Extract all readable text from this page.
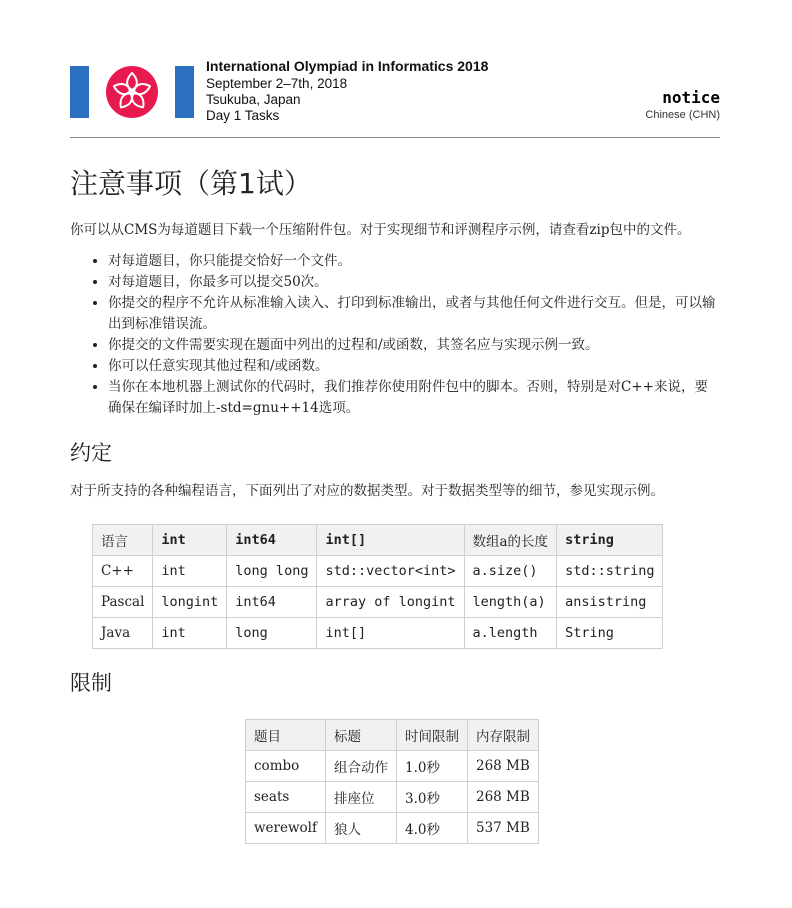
International Olympiad in Informatics 2018
September 2–7th, 2018
Tsukuba, Japan
Day 1 Tasks
notice
Chinese (CHN)
注意事项（第1试）

你可以从CMS为每道题目下载一个压缩附件包。对于实现细节和评测程序示例，请查看zip包中的文件。

• 对每道题目，你只能提交恰好一个文件。
• 对每道题目，你最多可以提交50次。
• 你提交的程序不允许从标准输入读入、打印到标准输出，或者与其他任何文件进行交互。但是，可以输出到标准错误流。
• 你提交的文件需要实现在题面中列出的过程和/或函数，其签名应与实现示例一致。
• 你可以任意实现其他过程和/或函数。
• 当你在本地机器上测试你的代码时，我们推荐你使用附件包中的脚本。否则，特别是对C++来说，要确保在编译时加上-std=gnu++14选项。
约定

对于所支持的各种编程语言，下面列出了对应的数据类型。对于数据类型等的细节，参见实现示例。

语言	int	int64	int[]	数组a的长度	string
C++	int	long long	std::vector<int>	a.size()	std::string
Pascal	longint	int64	array of longint	length(a)	ansistring
Java	int	long	int[]	a.length	String
限制
题目	标题	时间限制	内存限制
combo	组合动作	1.0秒	268 MB
seats	排座位	3.0秒	268 MB
werewolf	狼人	4.0秒	537 MB
